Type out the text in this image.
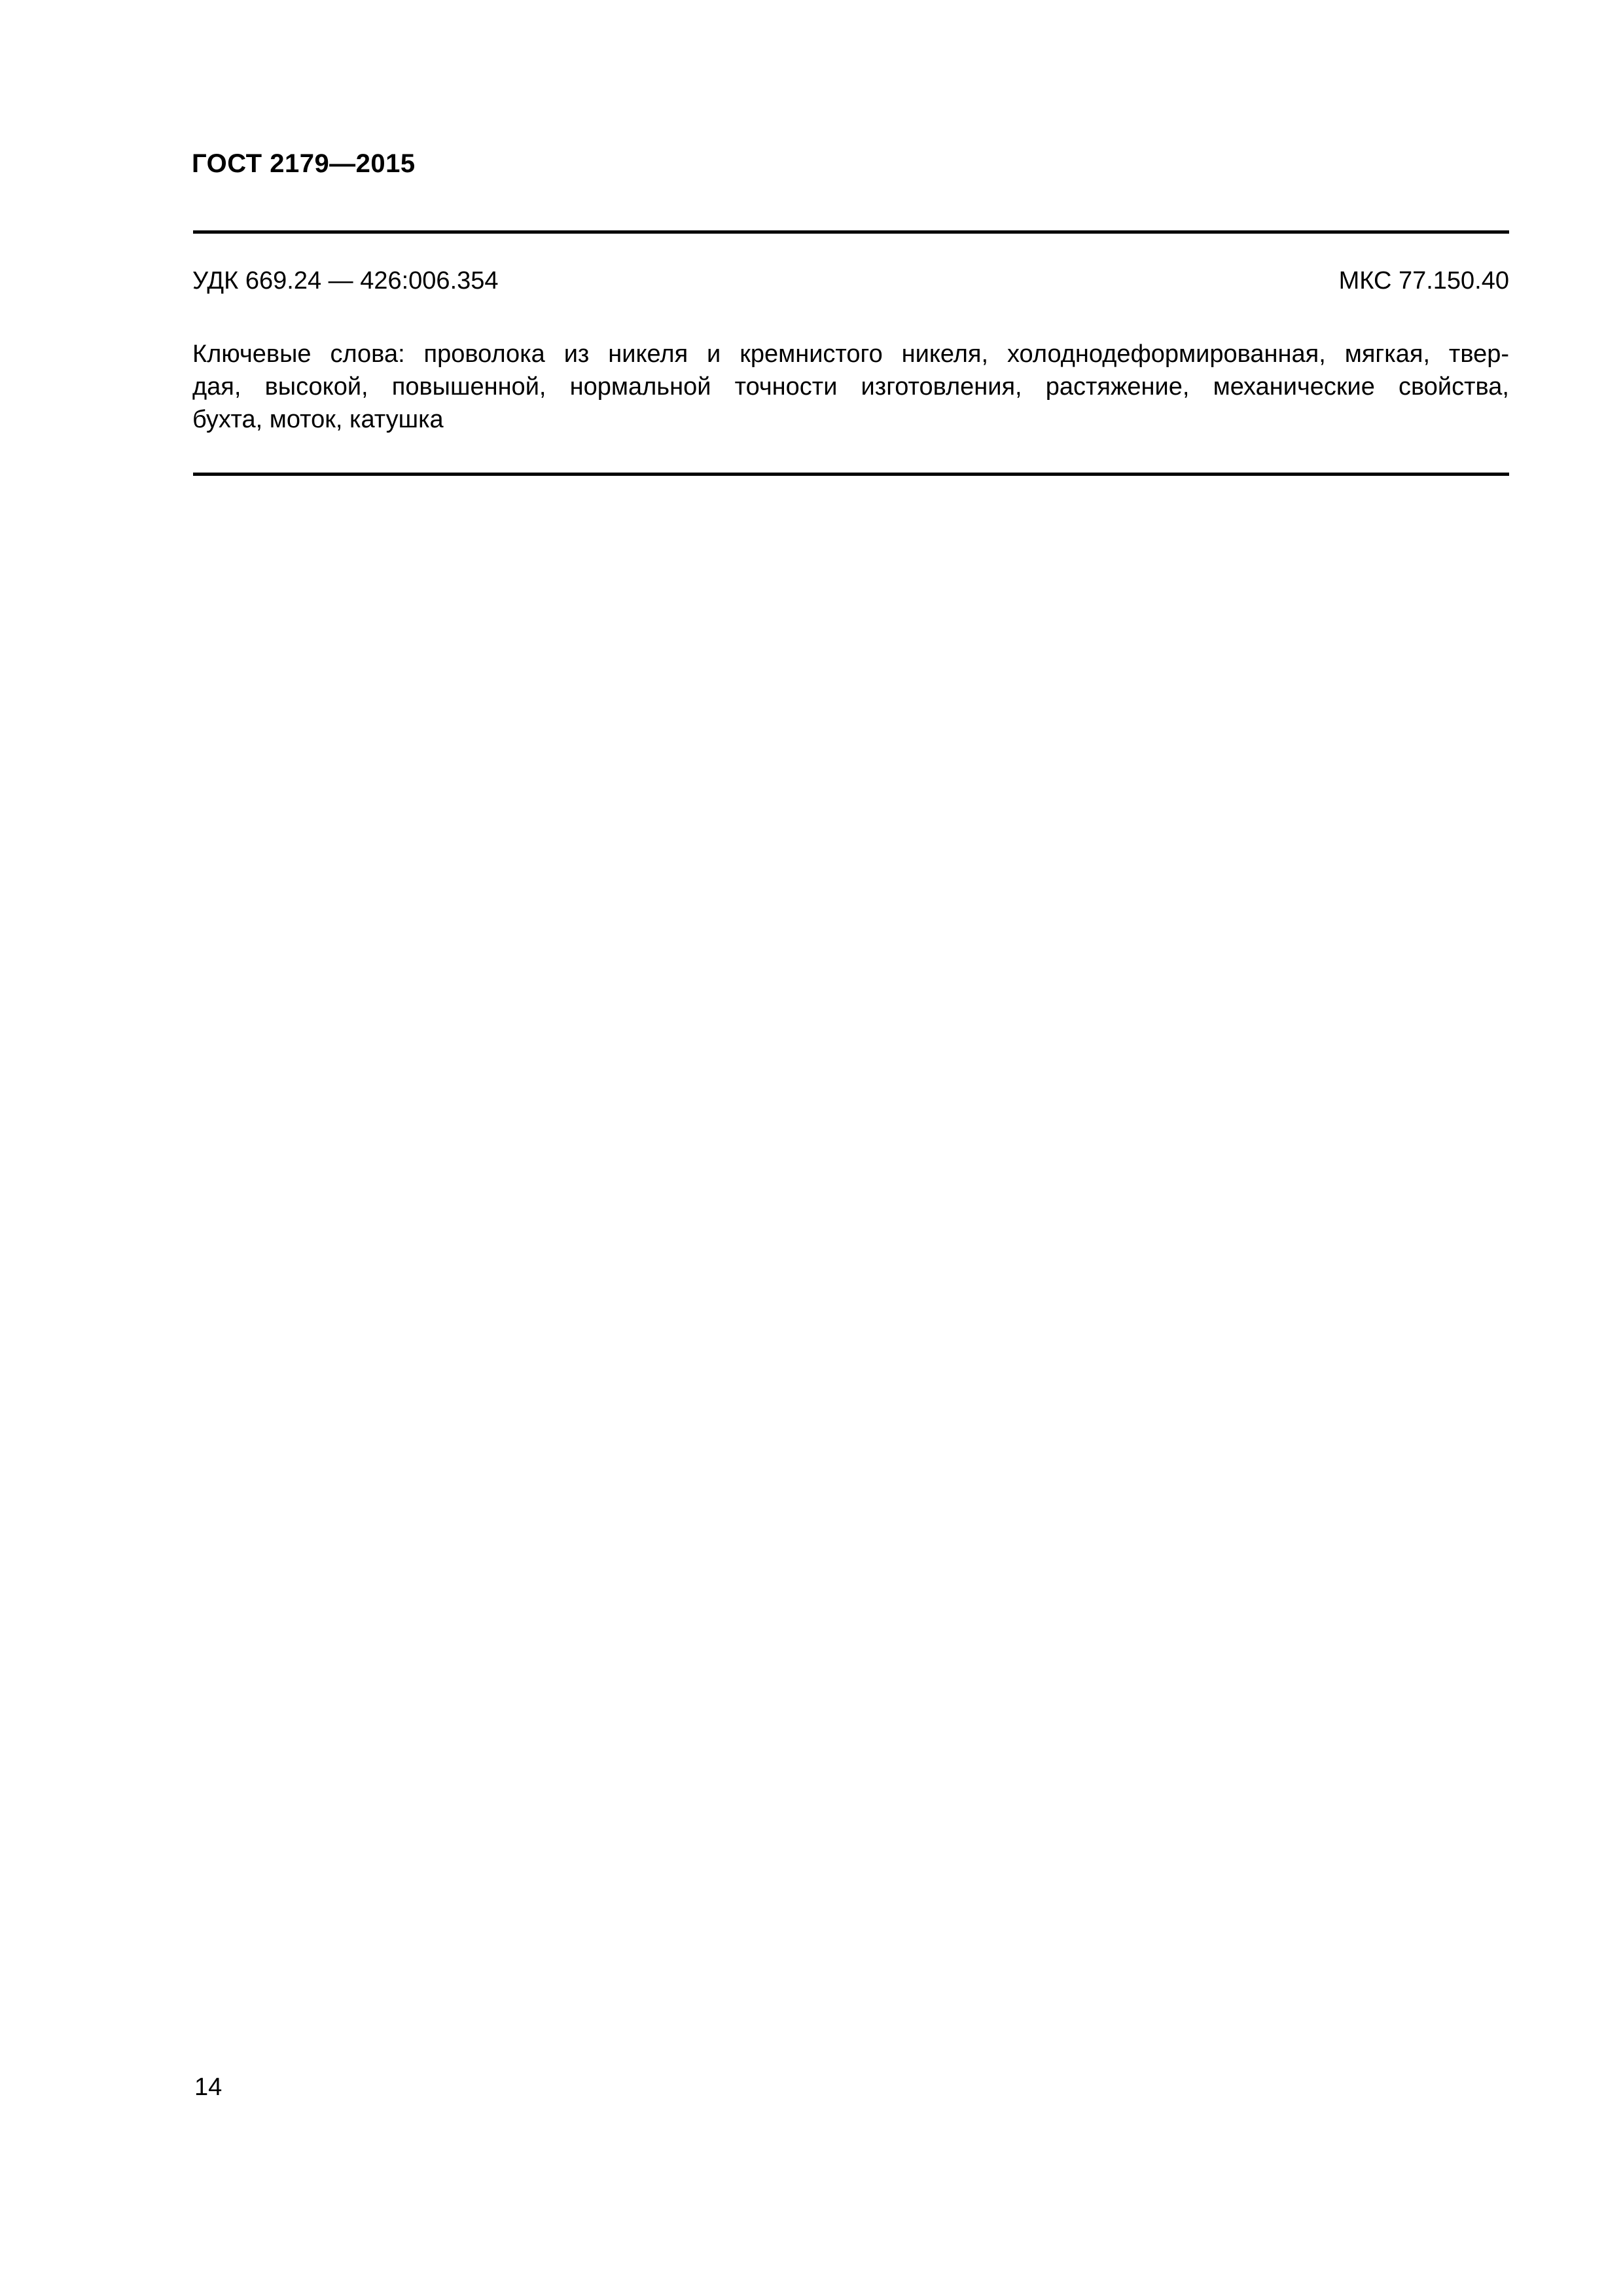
ГОСТ 2179—2015
УДК 669.24 — 426:006.354	МКС 77.150.40
Ключевые слова: проволока из никеля и кремнистого никеля, холоднодеформированная, мягкая, твер-
дая, высокой, повышенной, нормальной точности изготовления, растяжение, механические свойства,
бухта, моток, катушка
14
